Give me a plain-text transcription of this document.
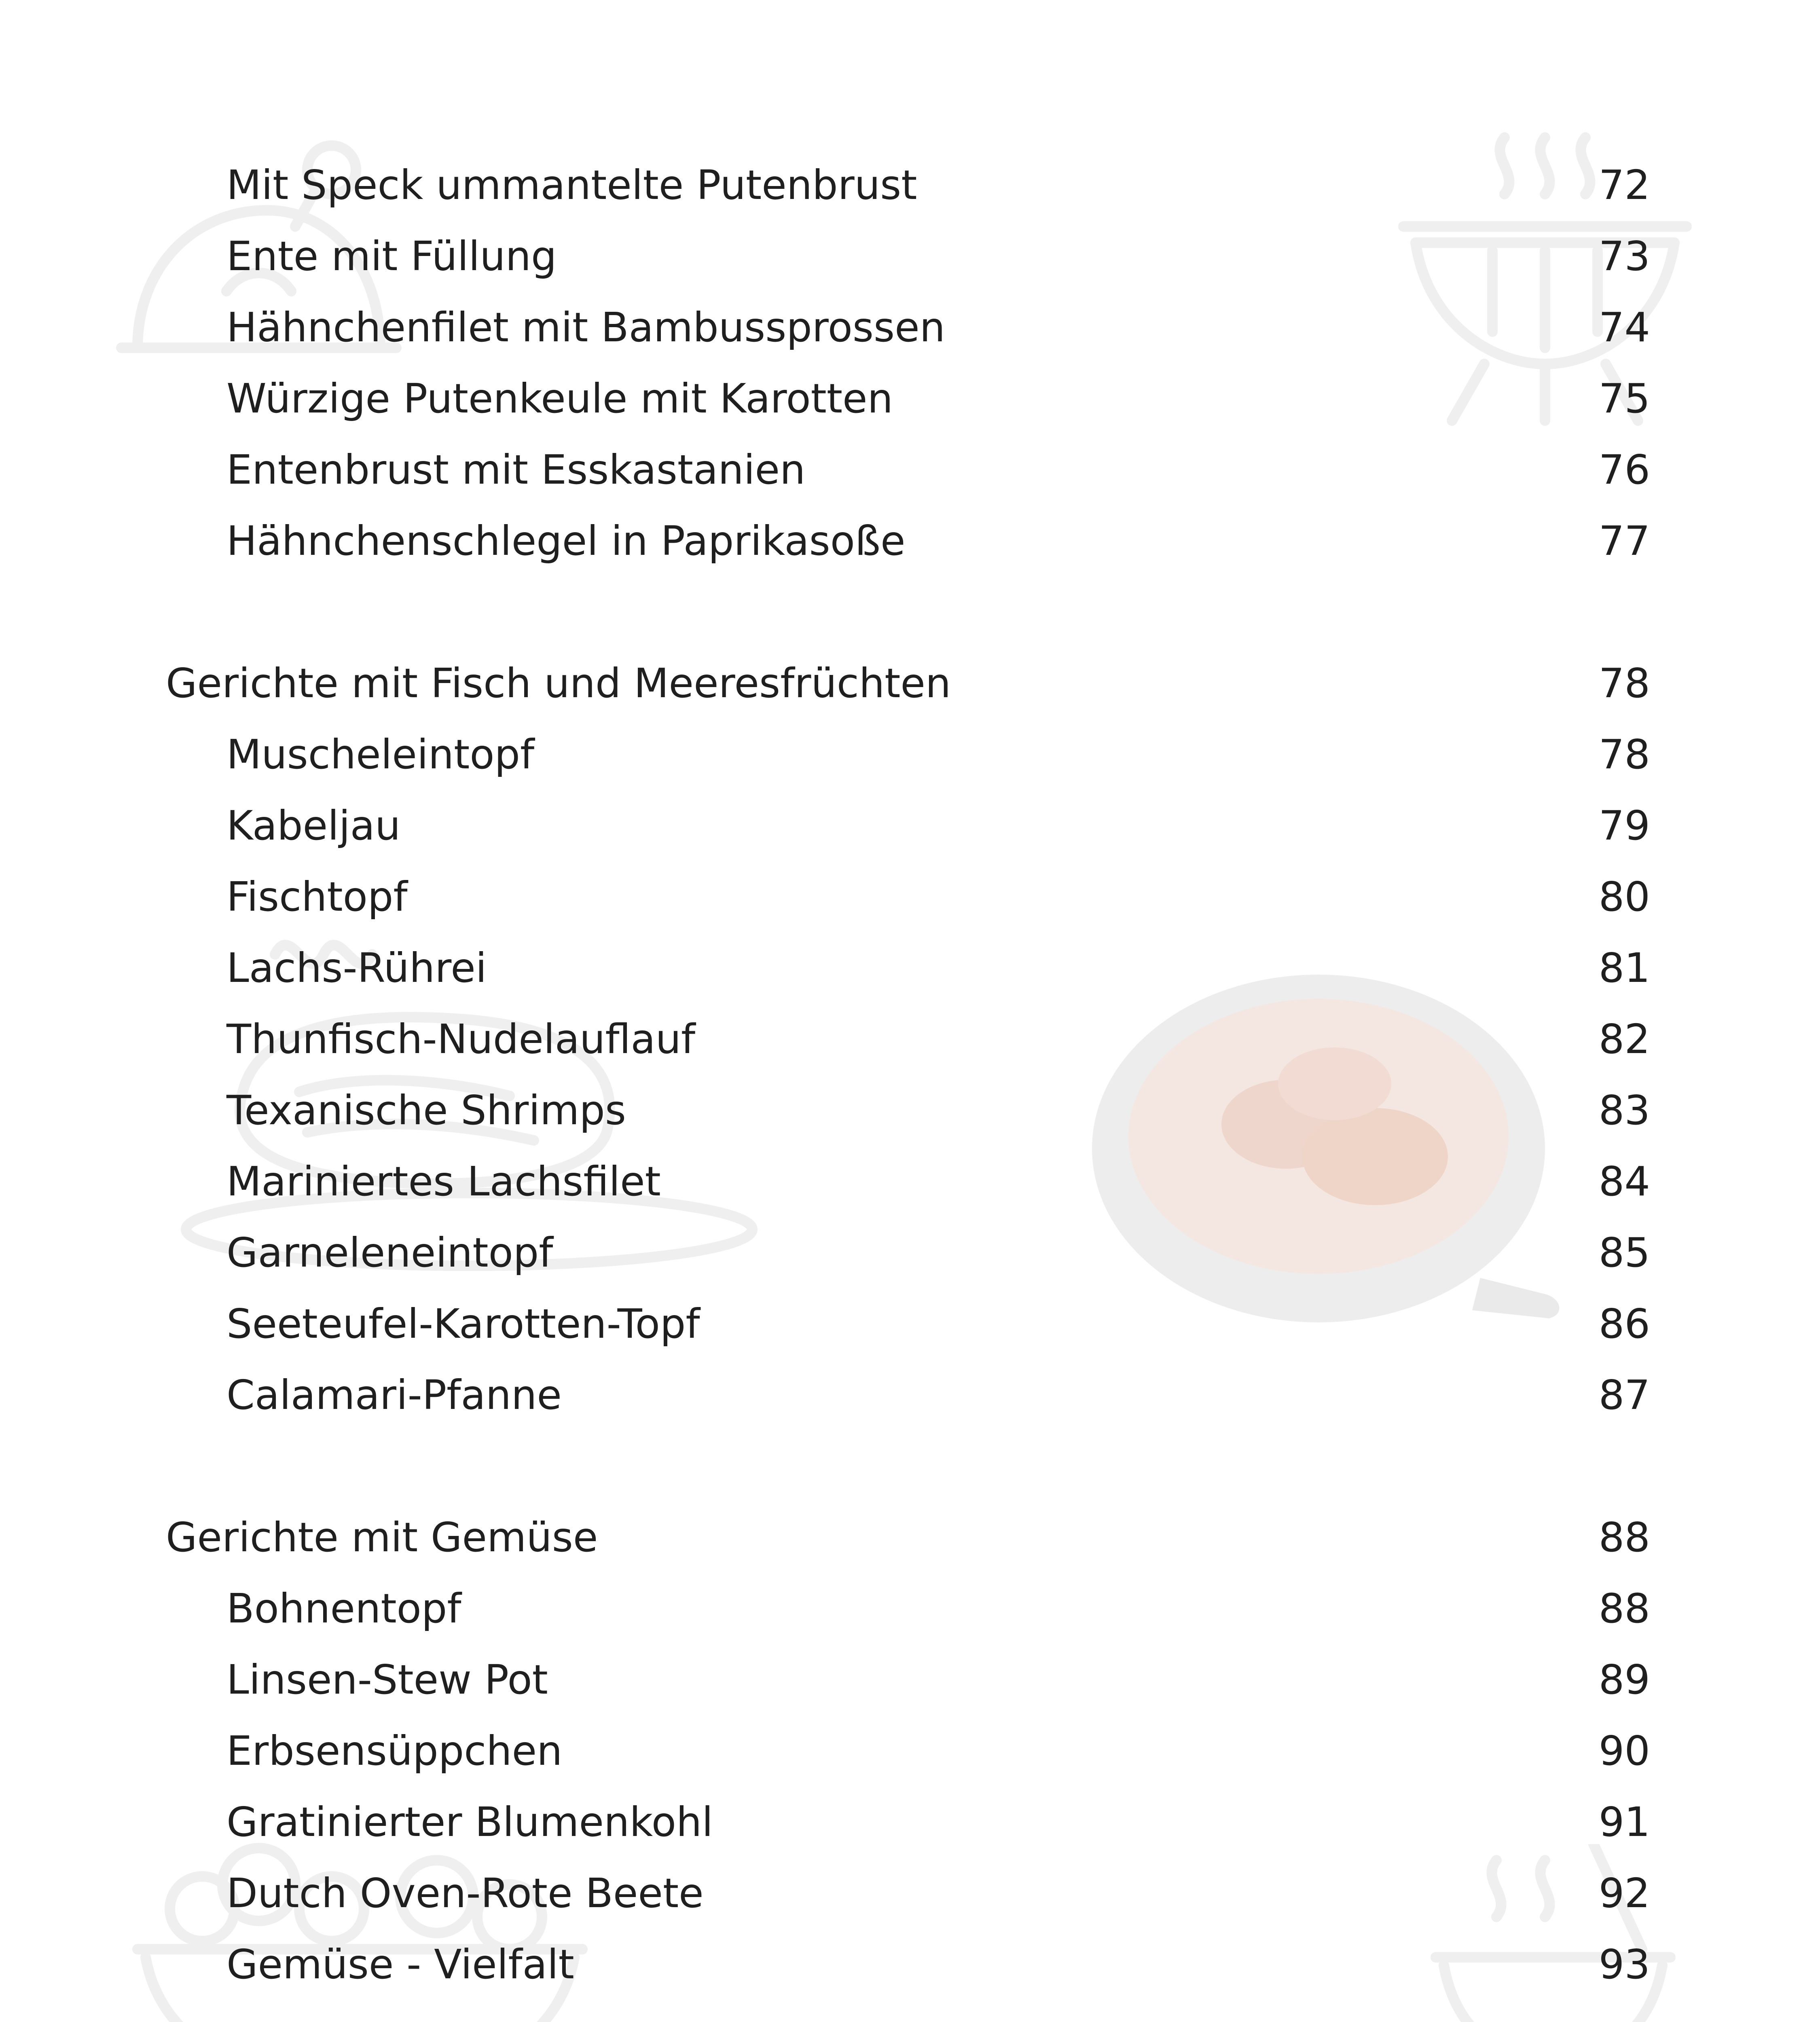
Mit Speck ummantelte Putenbrust	72
Ente mit Füllung	73
Hähnchenfilet mit Bambussprossen	74
Würzige Putenkeule mit Karotten	75
Entenbrust mit Esskastanien	76
Hähnchenschlegel in Paprikasoße	77
Gerichte mit Fisch und Meeresfrüchten	78
Muscheleintopf	78
Kabeljau	79
Fischtopf	80
Lachs-Rührei	81
Thunfisch-Nudelauflauf	82
Texanische Shrimps	83
Mariniertes Lachsfilet	84
Garneleneintopf	85
Seeteufel-Karotten-Topf	86
Calamari-Pfanne	87
Gerichte mit Gemüse	88
Bohnentopf	88
Linsen-Stew Pot	89
Erbsensüppchen	90
Gratinierter Blumenkohl	91
Dutch Oven-Rote Beete	92
Gemüse - Vielfalt	93
